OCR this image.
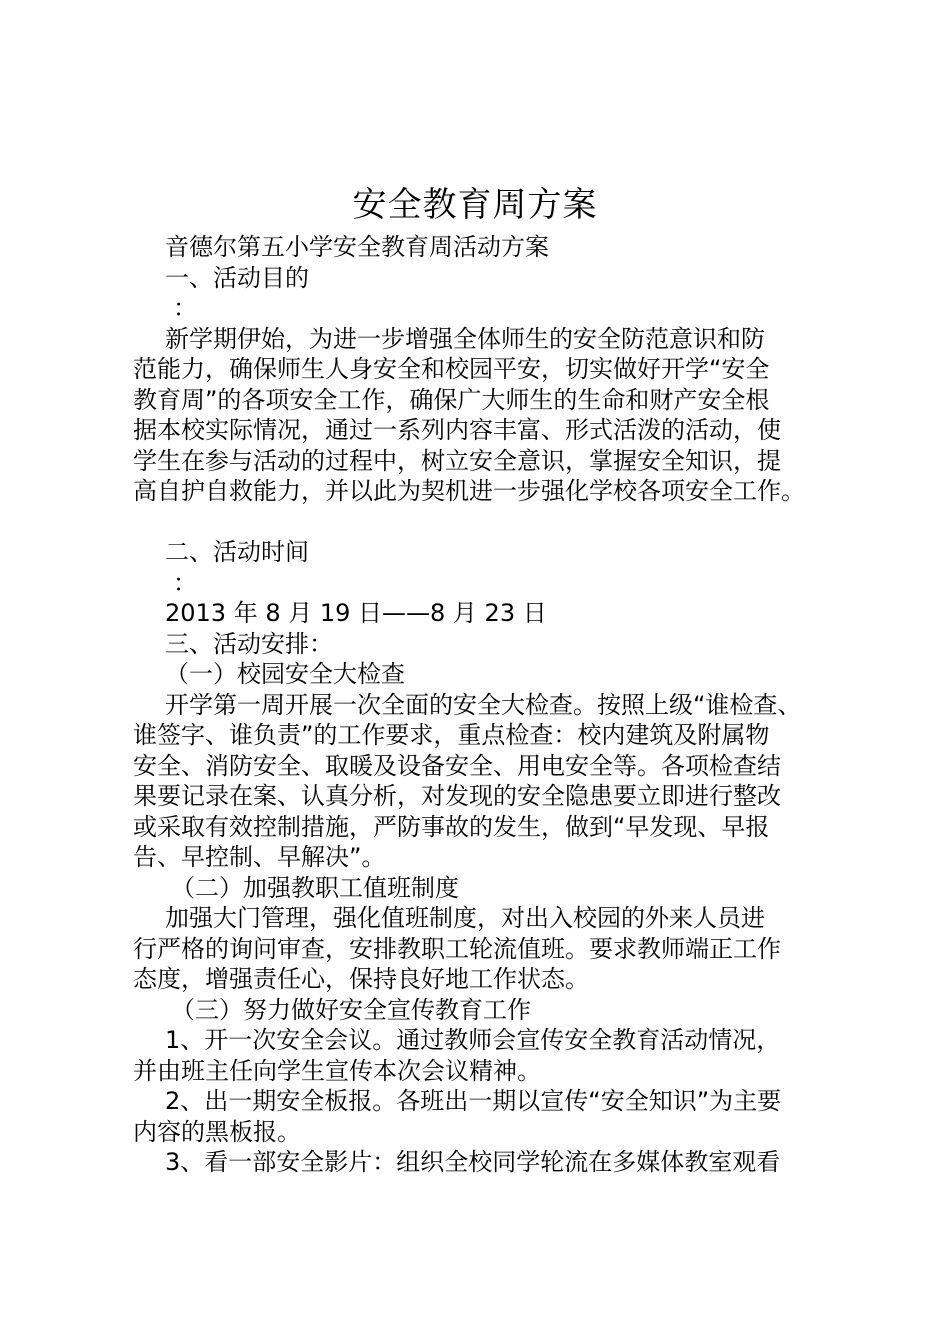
安全教育周方案
音德尔第五小学安全教育周活动方案
一、活动目的
：
新学期伊始，为进一步增强全体师生的安全防范意识和防
范能力，确保师生人身安全和校园平安，切实做好开学“安全
教育周”的各项安全工作，确保广大师生的生命和财产安全根
据本校实际情况，通过一系列内容丰富、形式活泼的活动，使
学生在参与活动的过程中，树立安全意识，掌握安全知识，提
高自护自救能力，并以此为契机进一步强化学校各项安全工作。
二、活动时间
：
2013 年 8 月 19 日——8 月 23 日
三、活动安排：
（一）校园安全大检查
开学第一周开展一次全面的安全大检查。按照上级“谁检查、
谁签字、谁负责”的工作要求，重点检查：校内建筑及附属物
安全、消防安全、取暖及设备安全、用电安全等。各项检查结
果要记录在案、认真分析，对发现的安全隐患要立即进行整改
或采取有效控制措施，严防事故的发生，做到“早发现、早报
告、早控制、早解决”。
（二）加强教职工值班制度
加强大门管理，强化值班制度，对出入校园的外来人员进
行严格的询问审查，安排教职工轮流值班。要求教师端正工作
态度，增强责任心，保持良好地工作状态。
（三）努力做好安全宣传教育工作
1、开一次安全会议。通过教师会宣传安全教育活动情况，
并由班主任向学生宣传本次会议精神。
2、出一期安全板报。各班出一期以宣传“安全知识”为主要
内容的黑板报。
3、看一部安全影片：组织全校同学轮流在多媒体教室观看
